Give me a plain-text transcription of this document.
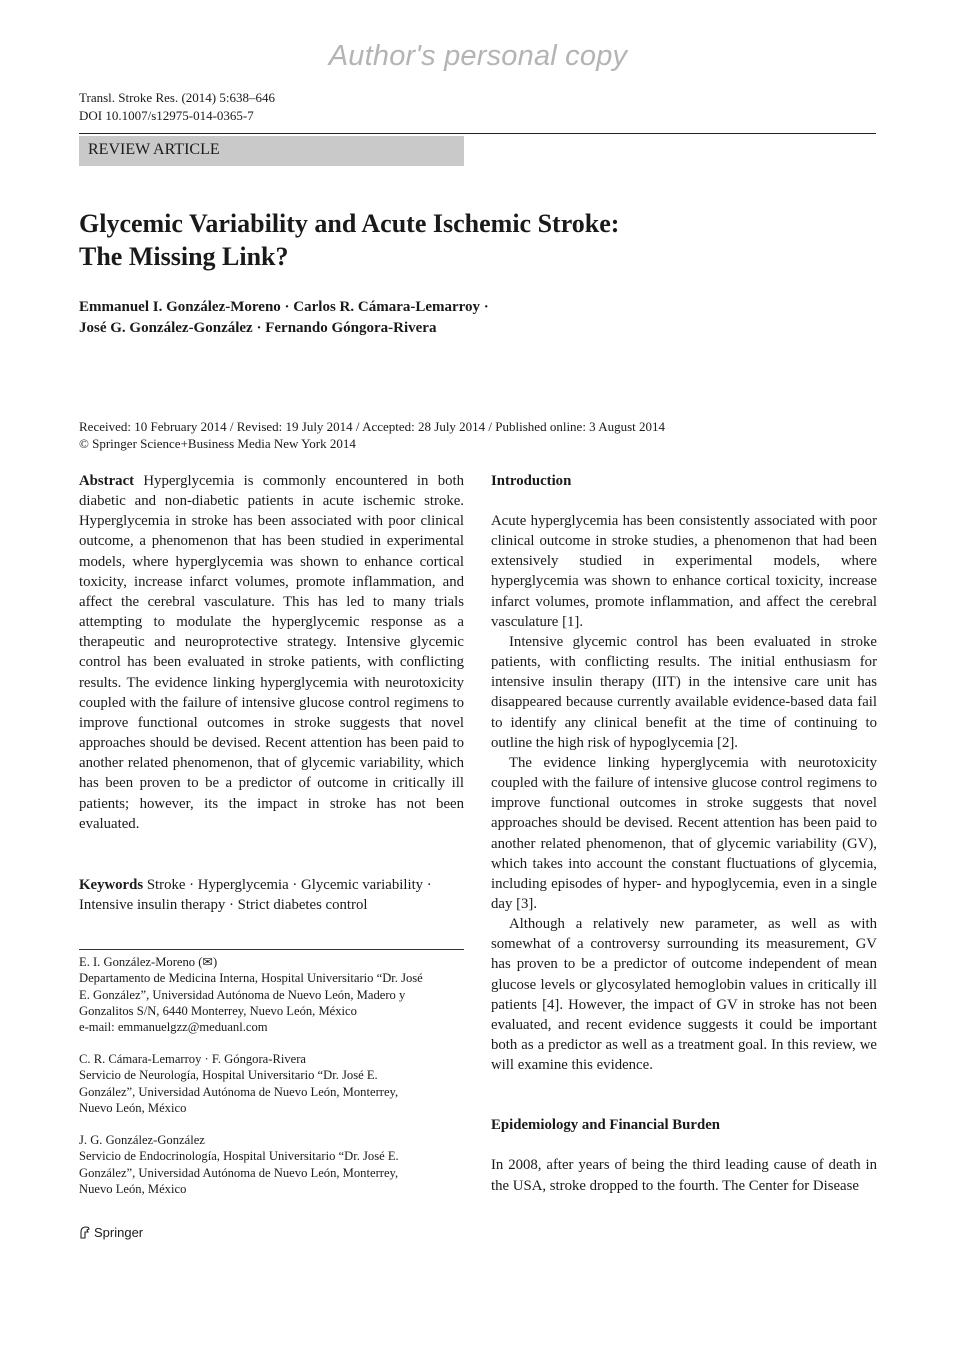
Author's personal copy
Transl. Stroke Res. (2014) 5:638–646
DOI 10.1007/s12975-014-0365-7
REVIEW ARTICLE
Glycemic Variability and Acute Ischemic Stroke:
The Missing Link?
Emmanuel I. González-Moreno · Carlos R. Cámara-Lemarroy ·
José G. González-González · Fernando Góngora-Rivera
Received: 10 February 2014 / Revised: 19 July 2014 / Accepted: 28 July 2014 / Published online: 3 August 2014
© Springer Science+Business Media New York 2014

Abstract Hyperglycemia is commonly encountered in both diabetic and non-diabetic patients in acute ischemic stroke. Hyperglycemia in stroke has been associated with poor clinical outcome, a phenomenon that has been studied in experimental models, where hyperglycemia was shown to enhance cortical toxicity, increase infarct volumes, promote inflammation, and affect the cerebral vasculature. This has led to many trials attempting to modulate the hyperglycemic response as a therapeutic and neuroprotective strategy. Intensive glycemic control has been evaluated in stroke patients, with conflicting results. The evidence linking hyperglycemia with neurotoxicity coupled with the failure of intensive glucose control regimens to improve functional outcomes in stroke suggests that novel approaches should be devised. Recent attention has been paid to another related phenomenon, that of glycemic variability, which has been proven to be a predictor of outcome in critically ill patients; however, its the impact in stroke has not been evaluated.

Keywords Stroke · Hyperglycemia · Glycemic variability · Intensive insulin therapy · Strict diabetes control

E. I. González-Moreno (✉)
Departamento de Medicina Interna, Hospital Universitario “Dr. José
E. González”, Universidad Autónoma de Nuevo León, Madero y
Gonzalitos S/N, 6440 Monterrey, Nuevo León, México
e-mail: emmanuelgzz@meduanl.com
C. R. Cámara-Lemarroy · F. Góngora-Rivera
Servicio de Neurología, Hospital Universitario “Dr. José E.
González”, Universidad Autónoma de Nuevo León, Monterrey,
Nuevo León, México
J. G. González-González
Servicio de Endocrinología, Hospital Universitario “Dr. José E.
González”, Universidad Autónoma de Nuevo León, Monterrey,
Nuevo León, México
Springer
Introduction

Acute hyperglycemia has been consistently associated with poor clinical outcome in stroke studies, a phenomenon that had been extensively studied in experimental models, where hyperglycemia was shown to enhance cortical toxicity, increase infarct volumes, promote inflammation, and affect the cerebral vasculature [1].

Intensive glycemic control has been evaluated in stroke patients, with conflicting results. The initial enthusiasm for intensive insulin therapy (IIT) in the intensive care unit has disappeared because currently available evidence-based data fail to identify any clinical benefit at the time of continuing to outline the high risk of hypoglycemia [2].

The evidence linking hyperglycemia with neurotoxicity coupled with the failure of intensive glucose control regimens to improve functional outcomes in stroke suggests that novel approaches should be devised. Recent attention has been paid to another related phenomenon, that of glycemic variability (GV), which takes into account the constant fluctuations of glycemia, including episodes of hyper- and hypoglycemia, even in a single day [3].

Although a relatively new parameter, as well as with somewhat of a controversy surrounding its measurement, GV has proven to be a predictor of outcome independent of mean glucose levels or glycosylated hemoglobin values in critically ill patients [4]. However, the impact of GV in stroke has not been evaluated, and recent evidence suggests it could be important both as a predictor as well as a treatment goal. In this review, we will examine this evidence.

Epidemiology and Financial Burden

In 2008, after years of being the third leading cause of death in the USA, stroke dropped to the fourth. The Center for Disease
